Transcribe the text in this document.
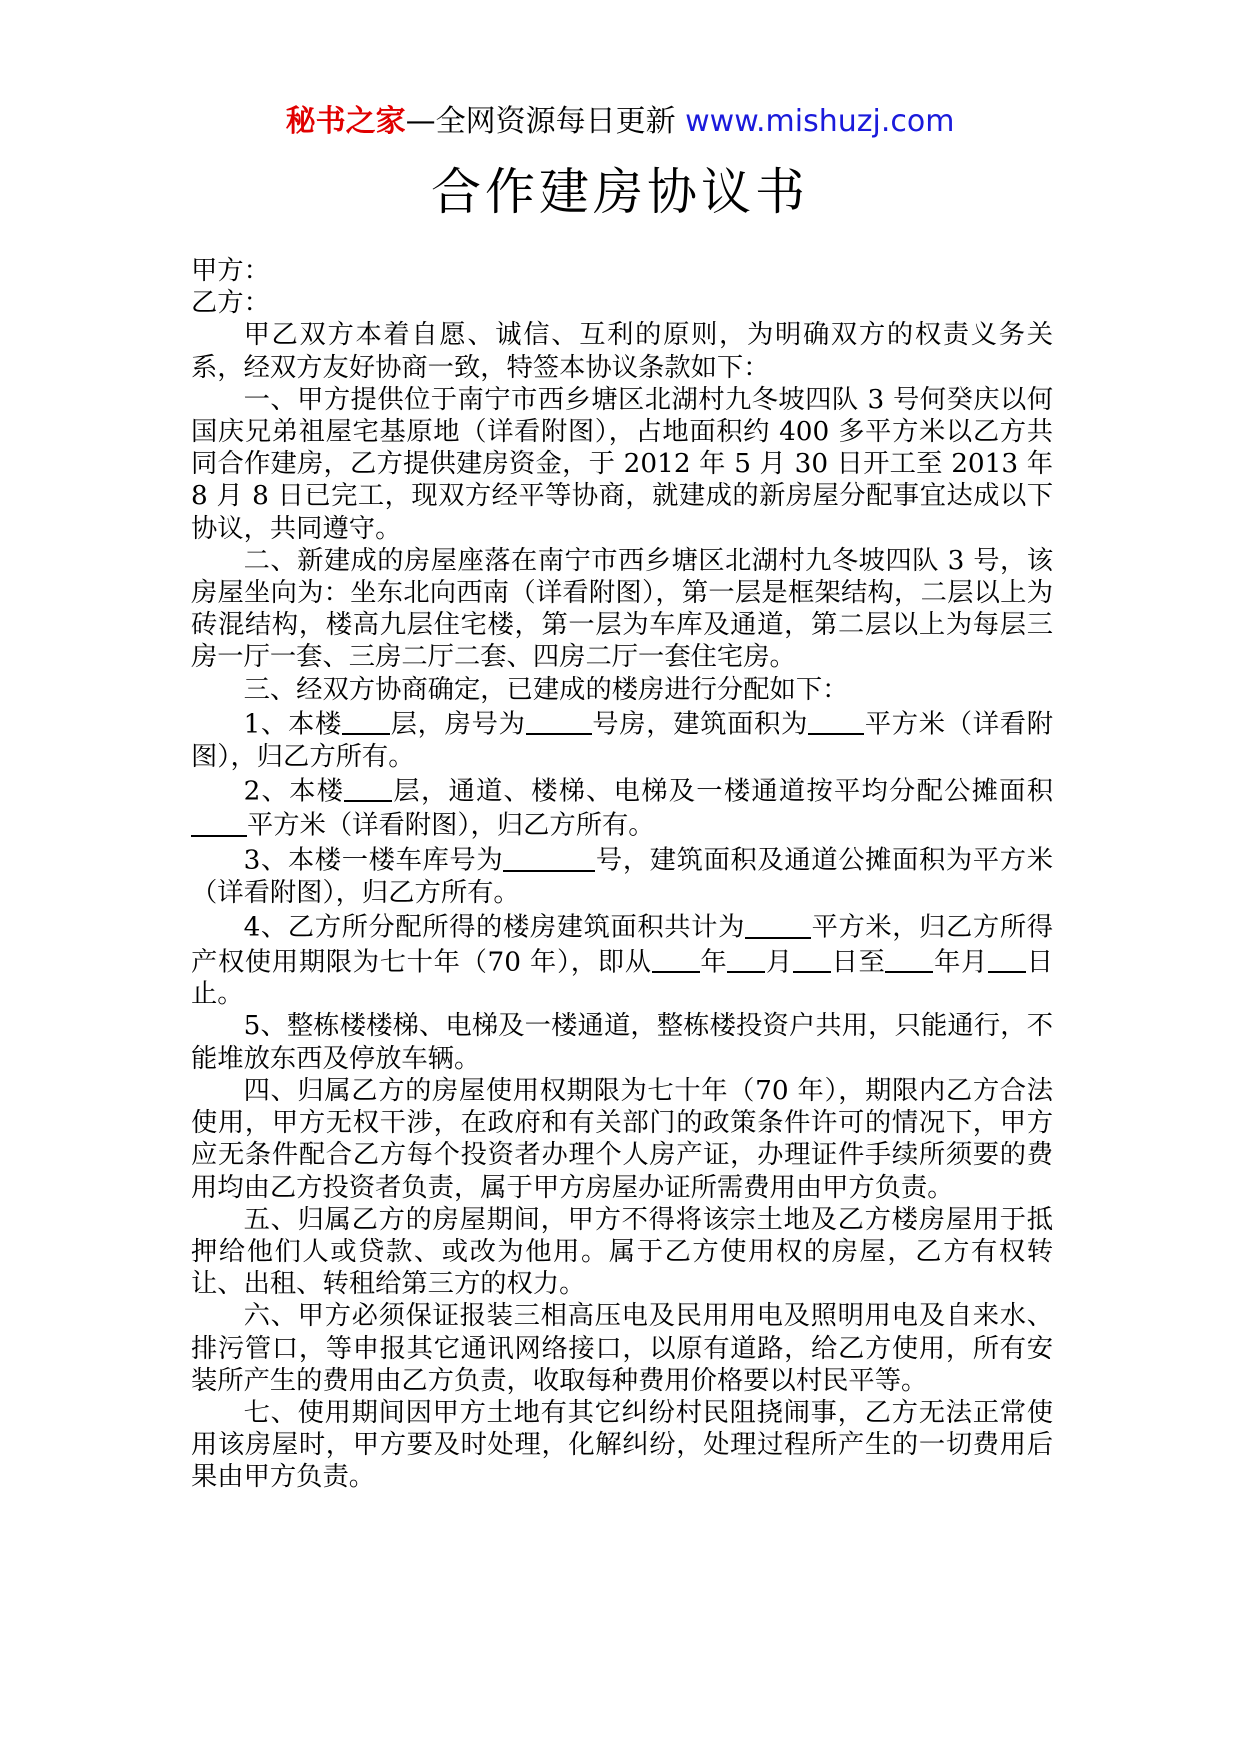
秘书之家—全网资源每日更新 www.mishuzj.com
合作建房协议书

甲方：

乙方：

甲乙双方本着自愿、诚信、互利的原则，为明确双方的权责义务关系，经双方友好协商一致，特签本协议条款如下：

一、甲方提供位于南宁市西乡塘区北湖村九冬坡四队 3 号何癸庆以何国庆兄弟祖屋宅基原地（详看附图），占地面积约 400 多平方米以乙方共同合作建房，乙方提供建房资金，于 2012 年 5 月 30 日开工至 2013 年 8 月 8 日已完工，现双方经平等协商，就建成的新房屋分配事宜达成以下协议，共同遵守。

二、新建成的房屋座落在南宁市西乡塘区北湖村九冬坡四队 3 号，该房屋坐向为：坐东北向西南（详看附图），第一层是框架结构，二层以上为砖混结构，楼高九层住宅楼，第一层为车库及通道，第二层以上为每层三房一厅一套、三房二厅二套、四房二厅一套住宅房。

三、经双方协商确定，已建成的楼房进行分配如下：

1、本楼 层，房号为	号房，建筑面积为 平方米（详看附图），归乙方所有。

2、本楼 层，通道、楼梯、电梯及一楼通道按平均分配公摊面积平方米（详看附图），归乙方所有。

3、本楼一楼车库号为	号，建筑面积及通道公摊面积为平方米（详看附图），归乙方所有。

4、乙方所分配所得的楼房建筑面积共计为	平方米，归乙方所得产权使用期限为七十年（70 年），即从 年 月 日至 年月 日止。

5、整栋楼楼梯、电梯及一楼通道，整栋楼投资户共用，只能通行，不能堆放东西及停放车辆。

四、归属乙方的房屋使用权期限为七十年（70 年），期限内乙方合法使用，甲方无权干涉，在政府和有关部门的政策条件许可的情况下，甲方应无条件配合乙方每个投资者办理个人房产证，办理证件手续所须要的费用均由乙方投资者负责，属于甲方房屋办证所需费用由甲方负责。

五、归属乙方的房屋期间，甲方不得将该宗土地及乙方楼房屋用于抵押给他们人或贷款、或改为他用。属于乙方使用权的房屋，乙方有权转让、出租、转租给第三方的权力。

六、甲方必须保证报装三相高压电及民用用电及照明用电及自来水、排污管口，等申报其它通讯网络接口，以原有道路，给乙方使用，所有安装所产生的费用由乙方负责，收取每种费用价格要以村民平等。

七、使用期间因甲方土地有其它纠纷村民阻挠闹事，乙方无法正常使用该房屋时，甲方要及时处理，化解纠纷，处理过程所产生的一切费用后果由甲方负责。
